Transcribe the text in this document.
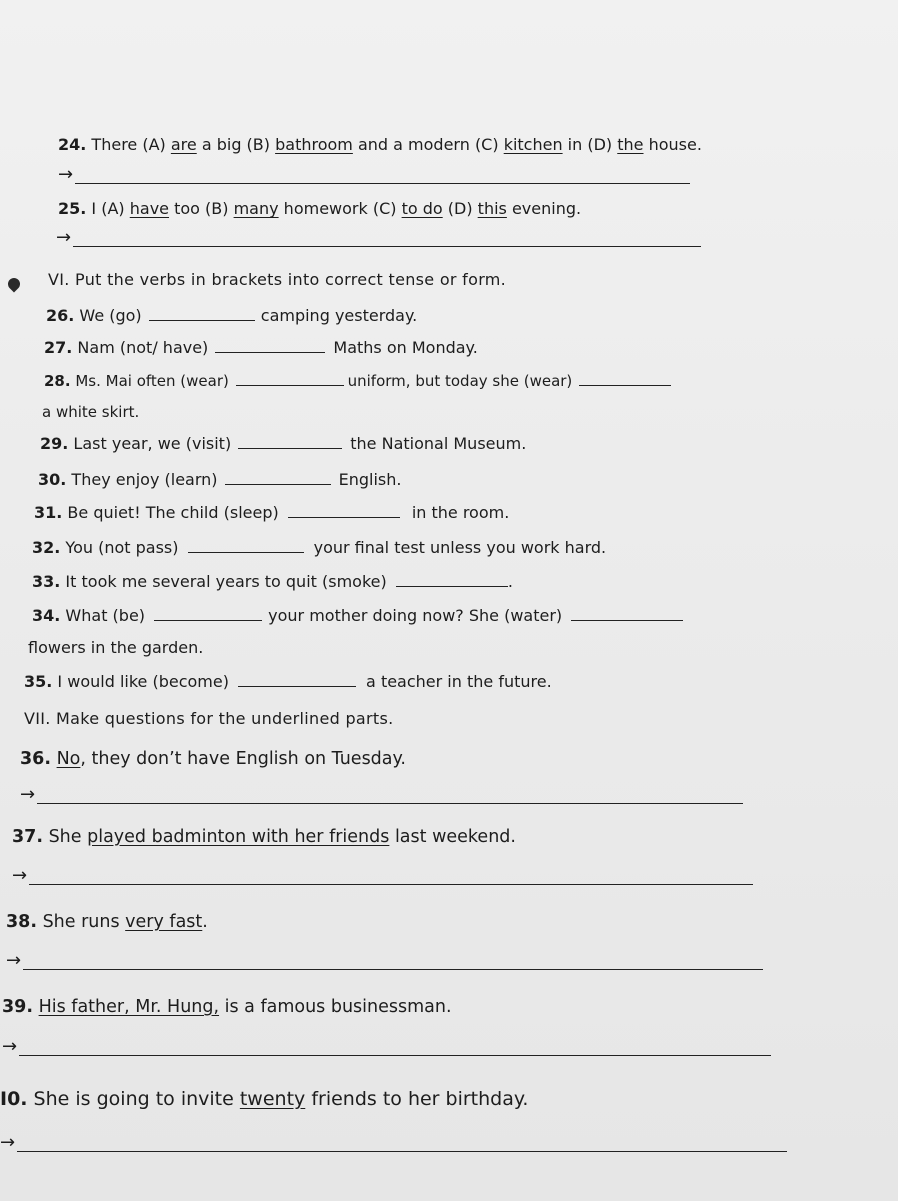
24. There (A) are a big (B) bathroom and a modern (C) kitchen in (D) the house.
→
25. I (A) have too (B) many homework (C) to do (D) this evening.
→
VI. Put the verbs in brackets into correct tense or form.
26. We (go)	camping yesterday.
27. Nam (not/ have)	Maths on Monday.
28. Ms. Mai often (wear)	uniform, but today she (wear)
a white skirt.
29. Last year, we (visit)	the National Museum.
30. They enjoy (learn)	English.
31. Be quiet! The child (sleep)	in the room.
32. You (not pass)	your final test unless you work hard.
33. It took me several years to quit (smoke)	.
34. What (be)	your mother doing now? She (water)
flowers in the garden.
35. I would like (become)	a teacher in the future.
VII. Make questions for the underlined parts.
36. No, they don’t have English on Tuesday.
→
37. She played badminton with her friends last weekend.
→
38. She runs very fast.
→
39. His father, Mr. Hung, is a famous businessman.
→
I0. She is going to invite twenty friends to her birthday.
→
